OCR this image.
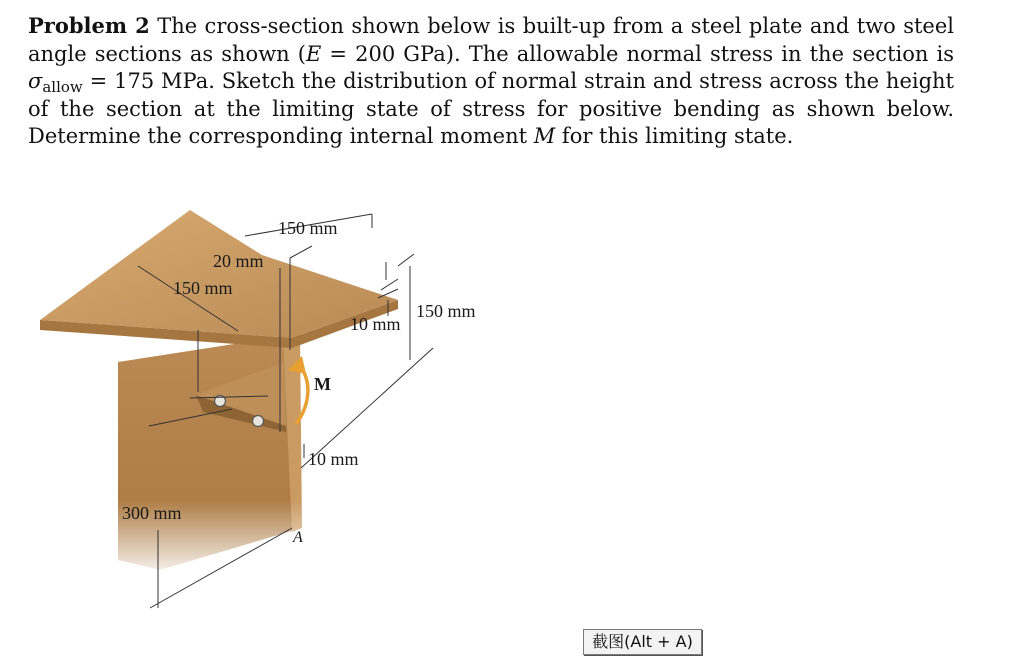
Problem 2 The cross-section shown below is built-up from a steel plate and two steel angle sections as shown (E = 200 GPa). The allowable normal stress in the section is $\sigma_{allow} = 175$ MPa. Sketch the distribution of normal strain and stress across the height of the section at the limiting state of stress for positive bending as shown below. Determine the corresponding internal moment M for this limiting state.
150 mm
20 mm
150 mm
10 mm
150 mm
M
10 mm
300 mm
A
截图(Alt + A)
